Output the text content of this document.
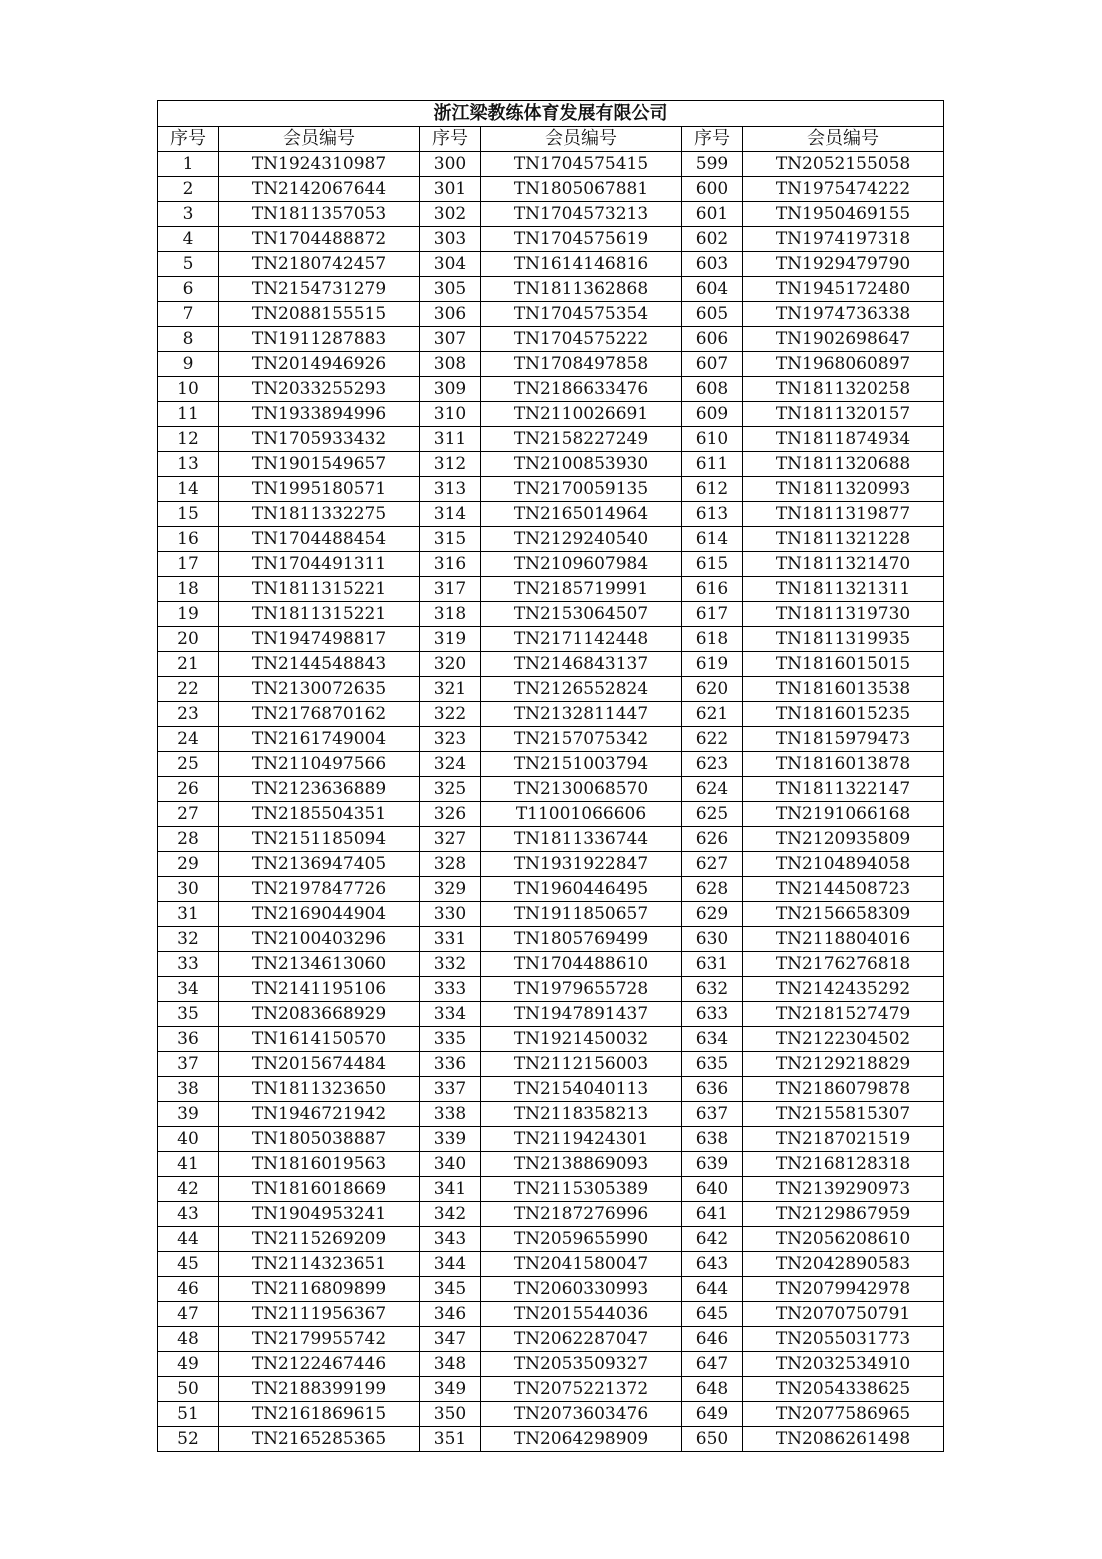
浙江梁教练体育发展有限公司					
序号	会员编号	序号	会员编号	序号	会员编号
1	TN1924310987	300	TN1704575415	599	TN2052155058
2	TN2142067644	301	TN1805067881	600	TN1975474222
3	TN1811357053	302	TN1704573213	601	TN1950469155
4	TN1704488872	303	TN1704575619	602	TN1974197318
5	TN2180742457	304	TN1614146816	603	TN1929479790
6	TN2154731279	305	TN1811362868	604	TN1945172480
7	TN2088155515	306	TN1704575354	605	TN1974736338
8	TN1911287883	307	TN1704575222	606	TN1902698647
9	TN2014946926	308	TN1708497858	607	TN1968060897
10	TN2033255293	309	TN2186633476	608	TN1811320258
11	TN1933894996	310	TN2110026691	609	TN1811320157
12	TN1705933432	311	TN2158227249	610	TN1811874934
13	TN1901549657	312	TN2100853930	611	TN1811320688
14	TN1995180571	313	TN2170059135	612	TN1811320993
15	TN1811332275	314	TN2165014964	613	TN1811319877
16	TN1704488454	315	TN2129240540	614	TN1811321228
17	TN1704491311	316	TN2109607984	615	TN1811321470
18	TN1811315221	317	TN2185719991	616	TN1811321311
19	TN1811315221	318	TN2153064507	617	TN1811319730
20	TN1947498817	319	TN2171142448	618	TN1811319935
21	TN2144548843	320	TN2146843137	619	TN1816015015
22	TN2130072635	321	TN2126552824	620	TN1816013538
23	TN2176870162	322	TN2132811447	621	TN1816015235
24	TN2161749004	323	TN2157075342	622	TN1815979473
25	TN2110497566	324	TN2151003794	623	TN1816013878
26	TN2123636889	325	TN2130068570	624	TN1811322147
27	TN2185504351	326	T11001066606	625	TN2191066168
28	TN2151185094	327	TN1811336744	626	TN2120935809
29	TN2136947405	328	TN1931922847	627	TN2104894058
30	TN2197847726	329	TN1960446495	628	TN2144508723
31	TN2169044904	330	TN1911850657	629	TN2156658309
32	TN2100403296	331	TN1805769499	630	TN2118804016
33	TN2134613060	332	TN1704488610	631	TN2176276818
34	TN2141195106	333	TN1979655728	632	TN2142435292
35	TN2083668929	334	TN1947891437	633	TN2181527479
36	TN1614150570	335	TN1921450032	634	TN2122304502
37	TN2015674484	336	TN2112156003	635	TN2129218829
38	TN1811323650	337	TN2154040113	636	TN2186079878
39	TN1946721942	338	TN2118358213	637	TN2155815307
40	TN1805038887	339	TN2119424301	638	TN2187021519
41	TN1816019563	340	TN2138869093	639	TN2168128318
42	TN1816018669	341	TN2115305389	640	TN2139290973
43	TN1904953241	342	TN2187276996	641	TN2129867959
44	TN2115269209	343	TN2059655990	642	TN2056208610
45	TN2114323651	344	TN2041580047	643	TN2042890583
46	TN2116809899	345	TN2060330993	644	TN2079942978
47	TN2111956367	346	TN2015544036	645	TN2070750791
48	TN2179955742	347	TN2062287047	646	TN2055031773
49	TN2122467446	348	TN2053509327	647	TN2032534910
50	TN2188399199	349	TN2075221372	648	TN2054338625
51	TN2161869615	350	TN2073603476	649	TN2077586965
52	TN2165285365	351	TN2064298909	650	TN2086261498
